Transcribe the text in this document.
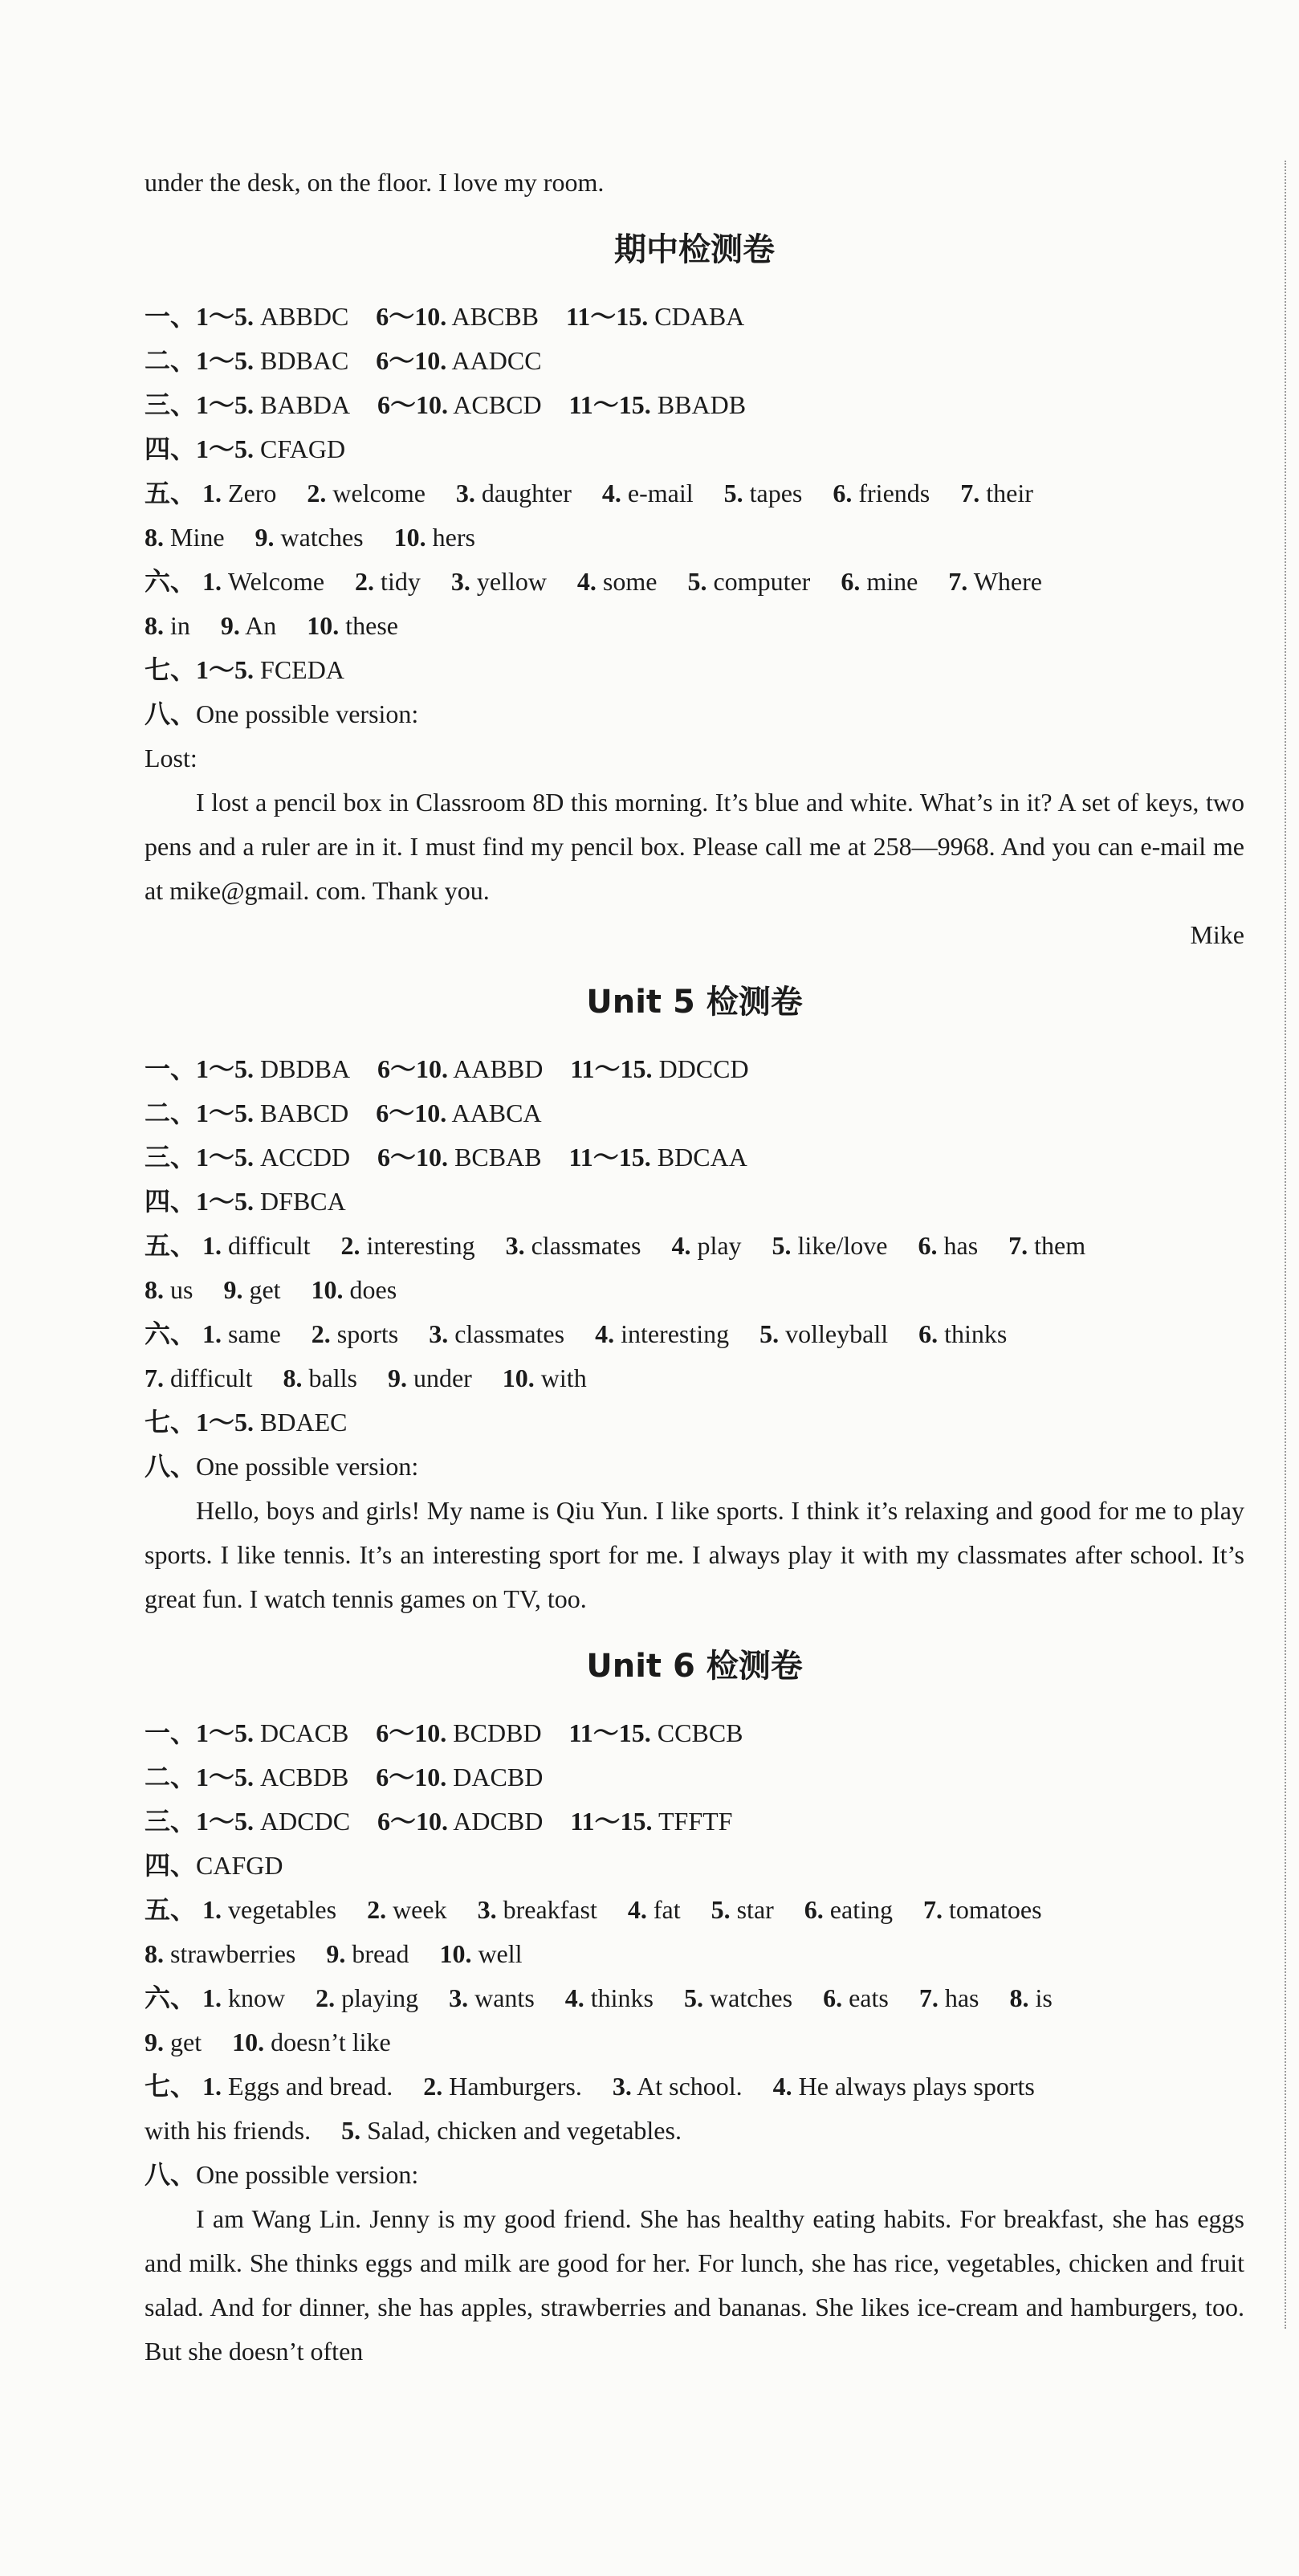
under the desk, on the floor. I love my room.
期中检测卷
一、1～5. ABBDC 6～10. ABCBB 11～15. CDABA
二、1～5. BDBAC 6～10. AADCC
三、1～5. BABDA 6～10. ACBCD 11～15. BBADB
四、1～5. CFAGD
五、 1. Zero 2. welcome 3. daughter 4. e-mail 5. tapes 6. friends 7. their
8. Mine 9. watches 10. hers
六、 1. Welcome 2. tidy 3. yellow 4. some 5. computer 6. mine 7. Where
8. in 9. An 10. these
七、1～5. FCEDA
八、One possible version:
Lost:
I lost a pencil box in Classroom 8D this morning. It’s blue and white. What’s in it? A set of keys, two pens and a ruler are in it. I must find my pencil box. Please call me at 258—9968. And you can e-mail me at mike@gmail. com. Thank you.
Mike
Unit 5 检测卷
一、1～5. DBDBA 6～10. AABBD 11～15. DDCCD
二、1～5. BABCD 6～10. AABCA
三、1～5. ACCDD 6～10. BCBAB 11～15. BDCAA
四、1～5. DFBCA
五、 1. difficult 2. interesting 3. classmates 4. play 5. like/love 6. has 7. them
8. us 9. get 10. does
六、 1. same 2. sports 3. classmates 4. interesting 5. volleyball 6. thinks
7. difficult 8. balls 9. under 10. with
七、1～5. BDAEC
八、One possible version:
Hello, boys and girls! My name is Qiu Yun. I like sports. I think it’s relaxing and good for me to play sports. I like tennis. It’s an interesting sport for me. I always play it with my classmates after school. It’s great fun. I watch tennis games on TV, too.
Unit 6 检测卷
一、1～5. DCACB 6～10. BCDBD 11～15. CCBCB
二、1～5. ACBDB 6～10. DACBD
三、1～5. ADCDC 6～10. ADCBD 11～15. TFFTF
四、CAFGD
五、 1. vegetables 2. week 3. breakfast 4. fat 5. star 6. eating 7. tomatoes
8. strawberries 9. bread 10. well
六、 1. know 2. playing 3. wants 4. thinks 5. watches 6. eats 7. has 8. is
9. get 10. doesn’t like
七、 1. Eggs and bread. 2. Hamburgers. 3. At school. 4. He always plays sports
with his friends. 5. Salad, chicken and vegetables.
八、One possible version:
I am Wang Lin. Jenny is my good friend. She has healthy eating habits. For breakfast, she has eggs and milk. She thinks eggs and milk are good for her. For lunch, she has rice, vegetables, chicken and fruit salad. And for dinner, she has apples, strawberries and bananas. She likes ice-cream and hamburgers, too. But she doesn’t often
